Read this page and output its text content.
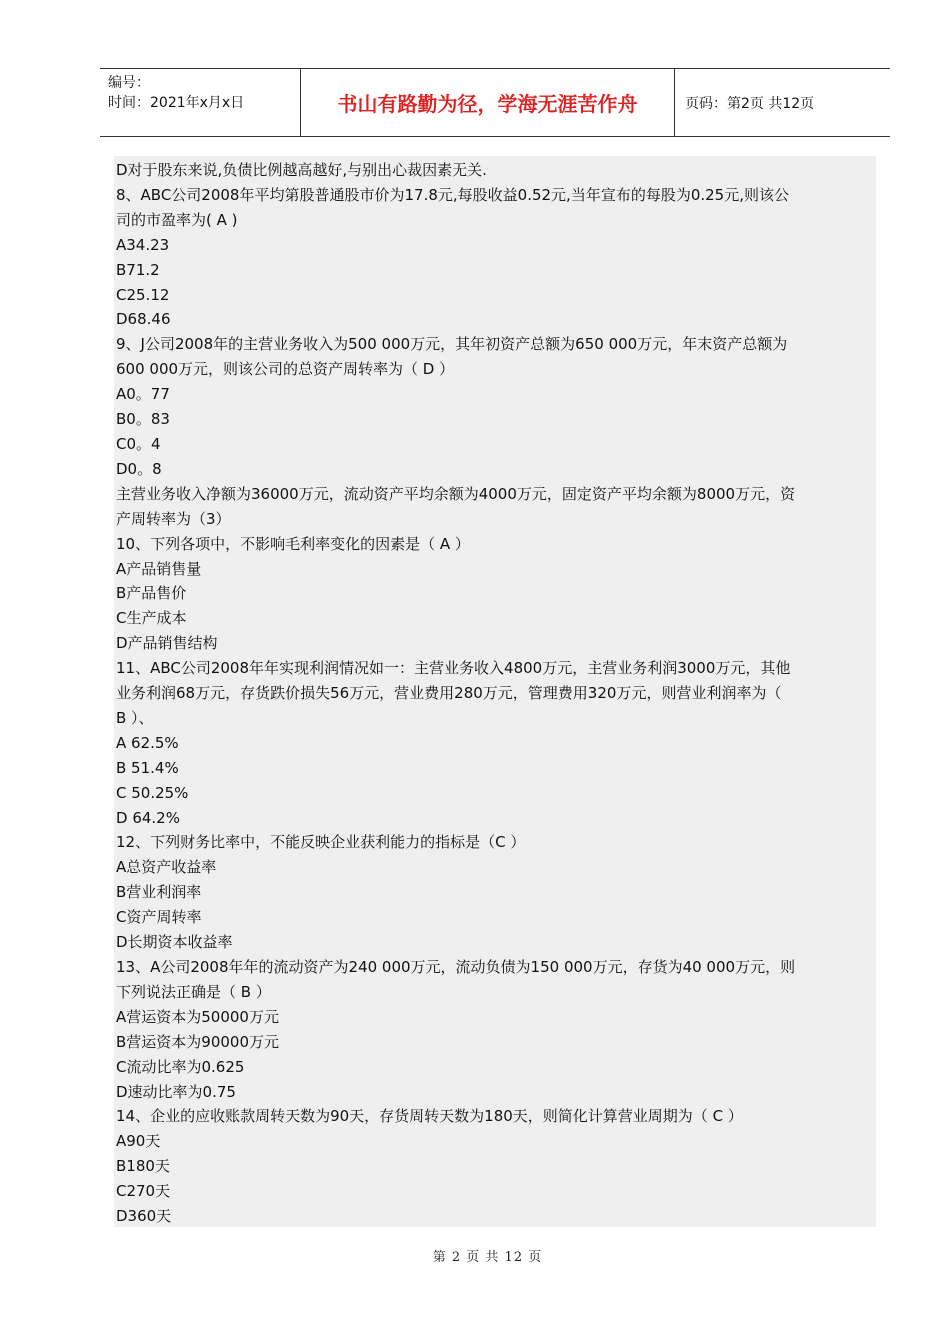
编号：
时间：2021年x月x日	书山有路勤为径，学海无涯苦作舟	页码：第2页 共12页
D对于股东来说,负债比例越高越好,与别出心裁因素无关.
8、ABC公司2008年平均第股普通股市价为17.8元,每股收益0.52元,当年宣布的每股为0.25元,则该公
司的市盈率为( A )
A34.23
B71.2
C25.12
D68.46
9、J公司2008年的主营业务收入为500 000万元，其年初资产总额为650 000万元，年末资产总额为
600 000万元，则该公司的总资产周转率为（ D ）
A0。77
B0。83
C0。4
D0。8
主营业务收入净额为36000万元，流动资产平均余额为4000万元，固定资产平均余额为8000万元，资
产周转率为（3）
10、下列各项中，不影响毛利率变化的因素是（ A ）
A产品销售量
B产品售价
C生产成本
D产品销售结构
11、ABC公司2008年年实现利润情况如一：主营业务收入4800万元，主营业务利润3000万元，其他
业务利润68万元，存货跌价损失56万元，营业费用280万元，管理费用320万元，则营业利润率为（
B ）、
A 62.5%
B 51.4%
C 50.25%
D 64.2%
12、下列财务比率中，不能反映企业获利能力的指标是（C ）
A总资产收益率
B营业利润率
C资产周转率
D长期资本收益率
13、A公司2008年年的流动资产为240 000万元，流动负债为150 000万元，存货为40 000万元，则
下列说法正确是（ B ）
A营运资本为50000万元
B营运资本为90000万元
C流动比率为0.625
D速动比率为0.75
14、企业的应收账款周转天数为90天，存货周转天数为180天，则简化计算营业周期为（ C ）
A90天
B180天
C270天
D360天
第 2 页 共 12 页
